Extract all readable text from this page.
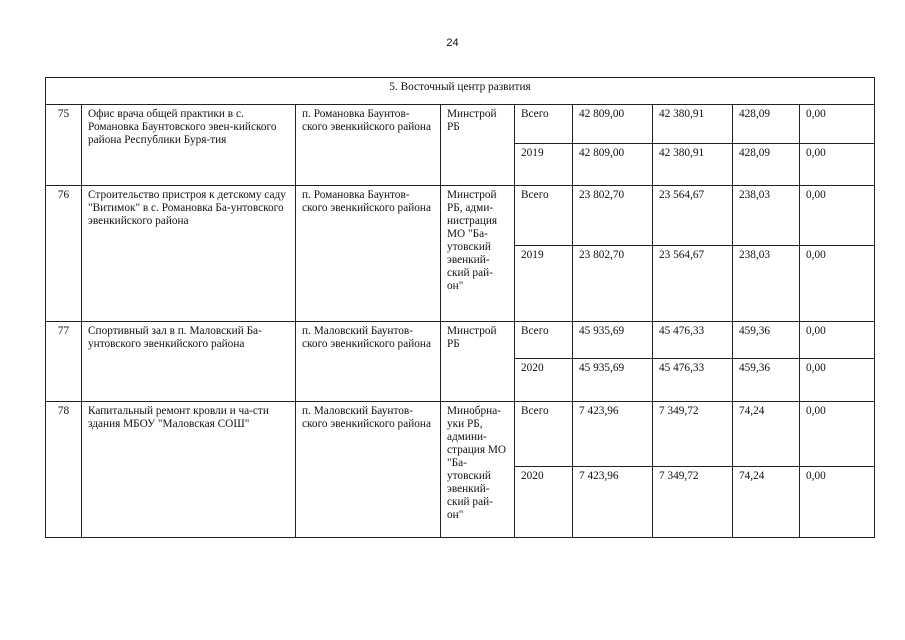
24
5. Восточный центр развития								
75	Офис врача общей практики в с. Романовка Баунтовского эвен-кийского района Республики Буря-тия	п. Романовка Баунтов-ского эвенкийского района	Минстрой РБ	Всего	42 809,00	42 380,91	428,09	0,00
				2019	42 809,00	42 380,91	428,09	0,00
76	Строительство пристроя к детскому саду "Витимок" в с. Романовка Ба-унтовского эвенкийского района	п. Романовка Баунтов-ского эвенкийского района	Минстрой РБ, адми-нистрация МО "Ба-утовский эвенкий-ский рай-он"	Всего	23 802,70	23 564,67	238,03	0,00
				2019	23 802,70	23 564,67	238,03	0,00
77	Спортивный зал в п. Маловский Ба-унтовского эвенкийского района	п. Маловский Баунтов-ского эвенкийского района	Минстрой РБ	Всего	45 935,69	45 476,33	459,36	0,00
				2020	45 935,69	45 476,33	459,36	0,00
78	Капитальный ремонт кровли и ча-сти здания МБОУ "Маловская СОШ"	п. Маловский Баунтов-ского эвенкийского района	Минобрна-уки РБ, админи-страция МО "Ба-утовский эвенкий-ский рай-он"	Всего	7 423,96	7 349,72	74,24	0,00
				2020	7 423,96	7 349,72	74,24	0,00
